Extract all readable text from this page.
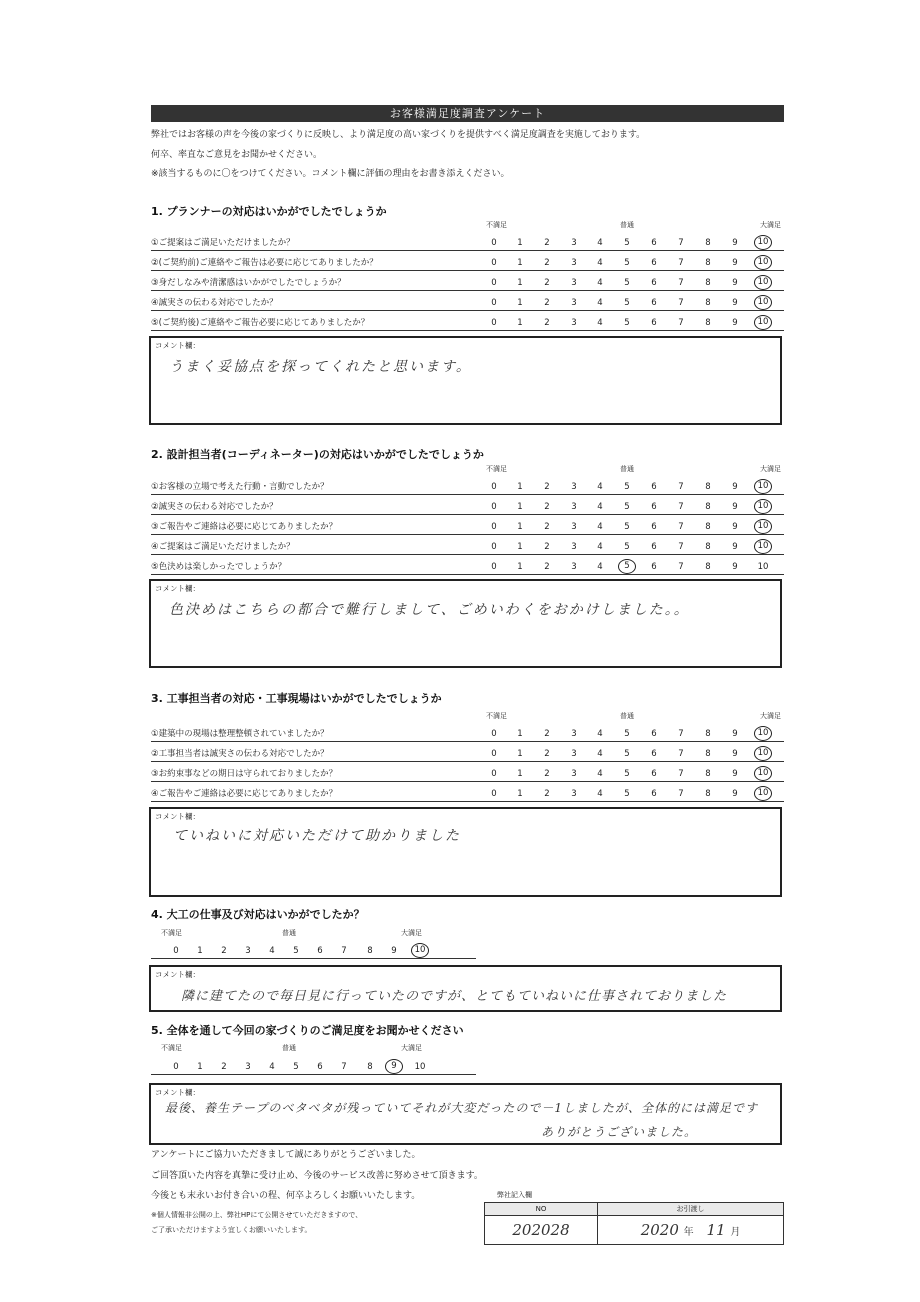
お客様満足度調査アンケート
弊社ではお客様の声を今後の家づくりに反映し、より満足度の高い家づくりを提供すべく満足度調査を実施しております。
何卒、率直なご意見をお聞かせください。
※該当するものに〇をつけてください。コメント欄に評価の理由をお書き添えください。
1. プランナーの対応はいかがでしたでしょうか
不満足	普通	大満足
①ご提案はご満足いただけましたか？	0	1	2	3	4	5	6	7	8	9	10
②(ご契約前)ご連絡やご報告は必要に応じてありましたか？	0	1	2	3	4	5	6	7	8	9	10
③身だしなみや清潔感はいかがでしたでしょうか？	0	1	2	3	4	5	6	7	8	9	10
④誠実さの伝わる対応でしたか？	0	1	2	3	4	5	6	7	8	9	10
⑤(ご契約後)ご連絡やご報告必要に応じてありましたか？	0	1	2	3	4	5	6	7	8	9	10
コメント欄：
うまく妥協点を探ってくれたと思います。
2. 設計担当者(コーディネーター)の対応はいかがでしたでしょうか
不満足	普通	大満足
①お客様の立場で考えた行動・言動でしたか？	0	1	2	3	4	5	6	7	8	9	10
②誠実さの伝わる対応でしたか？	0	1	2	3	4	5	6	7	8	9	10
③ご報告やご連絡は必要に応じてありましたか？	0	1	2	3	4	5	6	7	8	9	10
④ご提案はご満足いただけましたか？	0	1	2	3	4	5	6	7	8	9	10
⑤色決めは楽しかったでしょうか？	0	1	2	3	4	5	6	7	8	9	10
コメント欄：
色決めはこちらの都合で難行しまして、ごめいわくをおかけしました。。
3. 工事担当者の対応・工事現場はいかがでしたでしょうか
不満足	普通	大満足
①建築中の現場は整理整頓されていましたか？	0	1	2	3	4	5	6	7	8	9	10
②工事担当者は誠実さの伝わる対応でしたか？	0	1	2	3	4	5	6	7	8	9	10
③お約束事などの期日は守られておりましたか？	0	1	2	3	4	5	6	7	8	9	10
④ご報告やご連絡は必要に応じてありましたか？	0	1	2	3	4	5	6	7	8	9	10
コメント欄：
ていねいに対応いただけて助かりました
4. 大工の仕事及び対応はいかがでしたか？
不満足	普通	大満足
0	1	2	3	4	5	6	7	8	9	10
コメント欄：
隣に建てたので毎日見に行っていたのですが、とてもていねいに仕事されておりました
5. 全体を通して今回の家づくりのご満足度をお聞かせください
不満足	普通	大満足
0	1	2	3	4	5	6	7	8	9	10
コメント欄：
最後、養生テープのベタベタが残っていてそれが大変だったので－1しましたが、全体的には満足です
ありがとうございました。
アンケートにご協力いただきまして誠にありがとうございました。
ご回答頂いた内容を真摯に受け止め、今後のサービス改善に努めさせて頂きます。
今後とも末永いお付き合いの程、何卒よろしくお願いいたします。
※個人情報非公開の上、弊社HPにて公開させていただきますので、
ご了承いただけますよう宜しくお願いいたします。
弊社記入欄
NO	お引渡し
202028	2020 年 11 月
